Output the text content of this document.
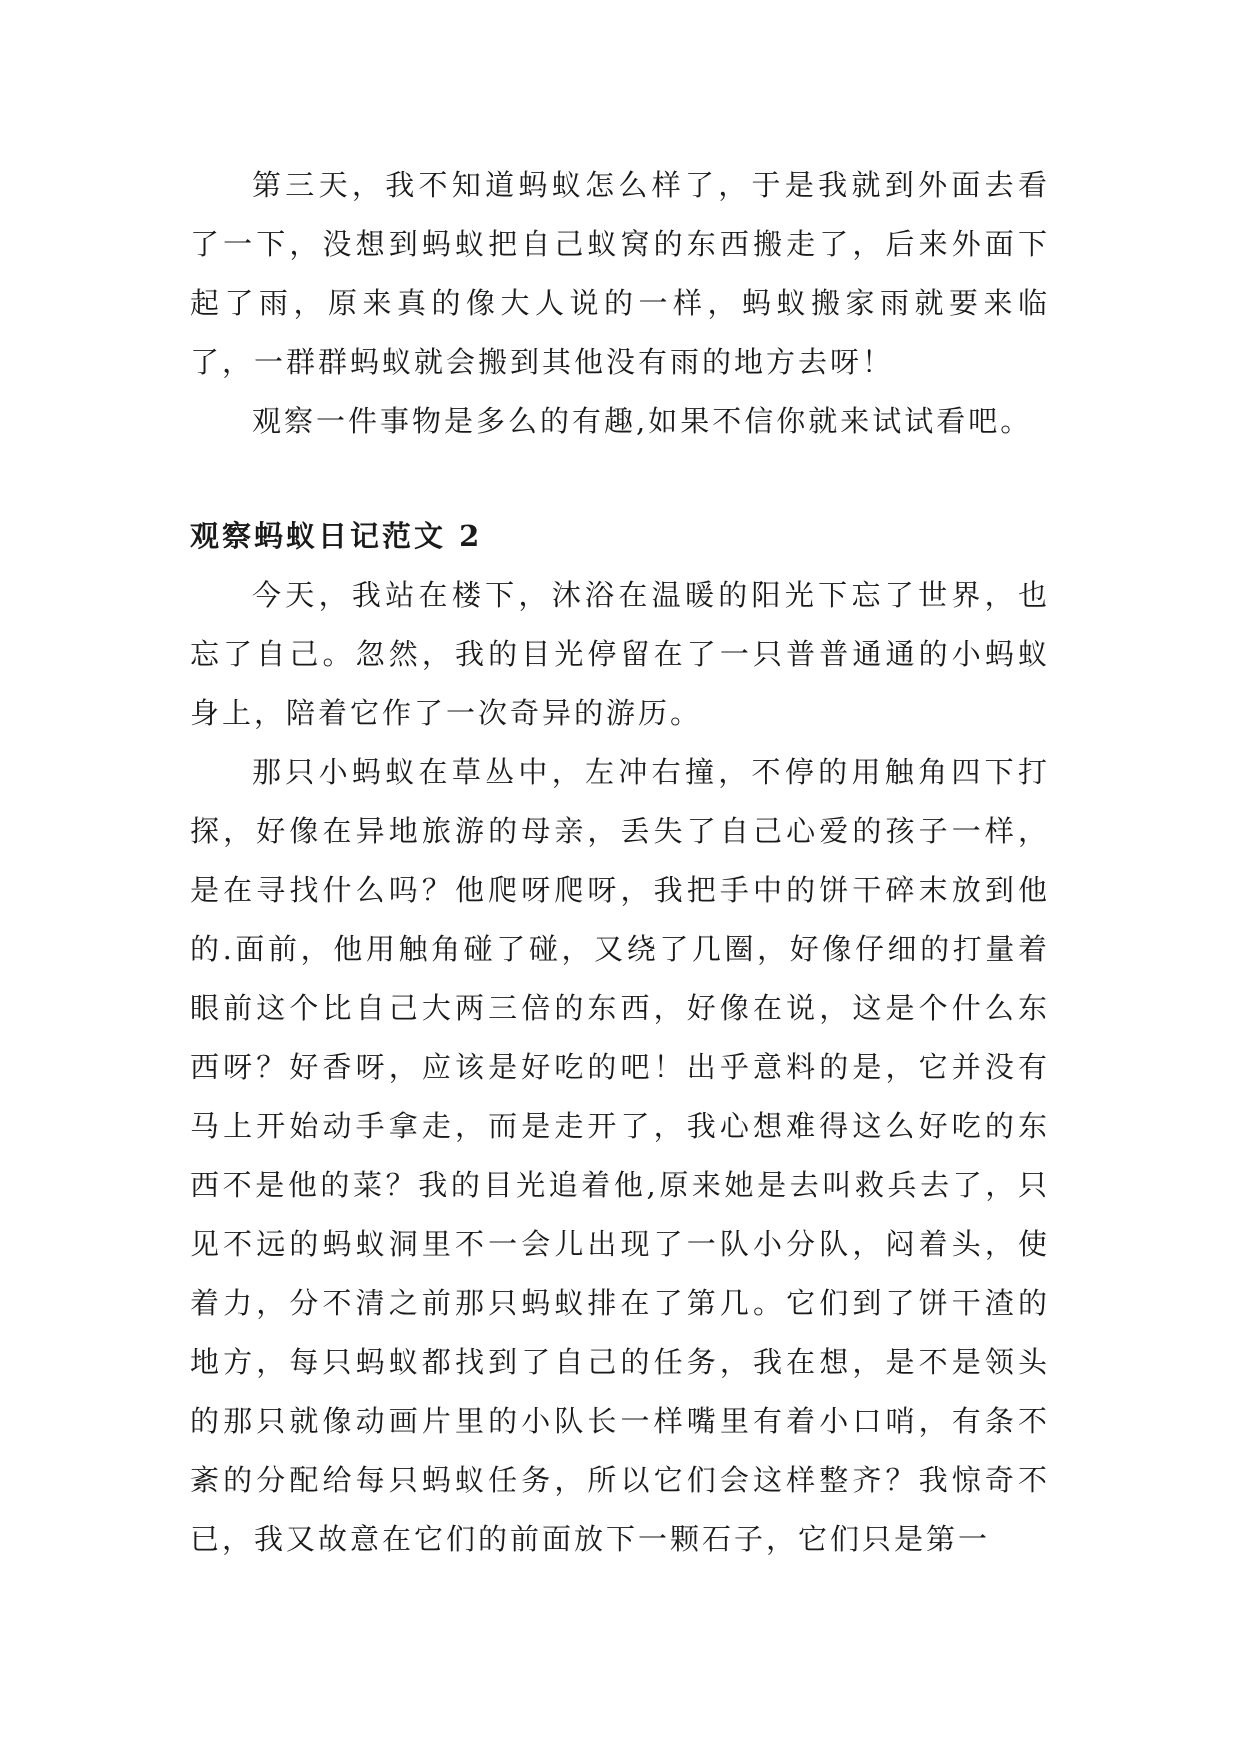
第三天，我不知道蚂蚁怎么样了，于是我就到外面去看了一下，没想到蚂蚁把自己蚁窝的东西搬走了，后来外面下起了雨，原来真的像大人说的一样，蚂蚁搬家雨就要来临了，一群群蚂蚁就会搬到其他没有雨的地方去呀！

观察一件事物是多么的有趣,如果不信你就来试试看吧。

观察蚂蚁日记范文 2

今天，我站在楼下，沐浴在温暖的阳光下忘了世界，也忘了自己。忽然，我的目光停留在了一只普普通通的小蚂蚁身上，陪着它作了一次奇异的游历。

那只小蚂蚁在草丛中，左冲右撞，不停的用触角四下打探，好像在异地旅游的母亲，丢失了自己心爱的孩子一样，是在寻找什么吗？他爬呀爬呀，我把手中的饼干碎末放到他的.面前，他用触角碰了碰，又绕了几圈，好像仔细的打量着眼前这个比自己大两三倍的东西，好像在说，这是个什么东西呀？好香呀，应该是好吃的吧！出乎意料的是，它并没有马上开始动手拿走，而是走开了，我心想难得这么好吃的东西不是他的菜？我的目光追着他,原来她是去叫救兵去了，只见不远的蚂蚁洞里不一会儿出现了一队小分队，闷着头，使着力，分不清之前那只蚂蚁排在了第几。它们到了饼干渣的地方，每只蚂蚁都找到了自己的任务，我在想，是不是领头的那只就像动画片里的小队长一样嘴里有着小口哨，有条不紊的分配给每只蚂蚁任务，所以它们会这样整齐？我惊奇不已，我又故意在它们的前面放下一颗石子，它们只是第一
